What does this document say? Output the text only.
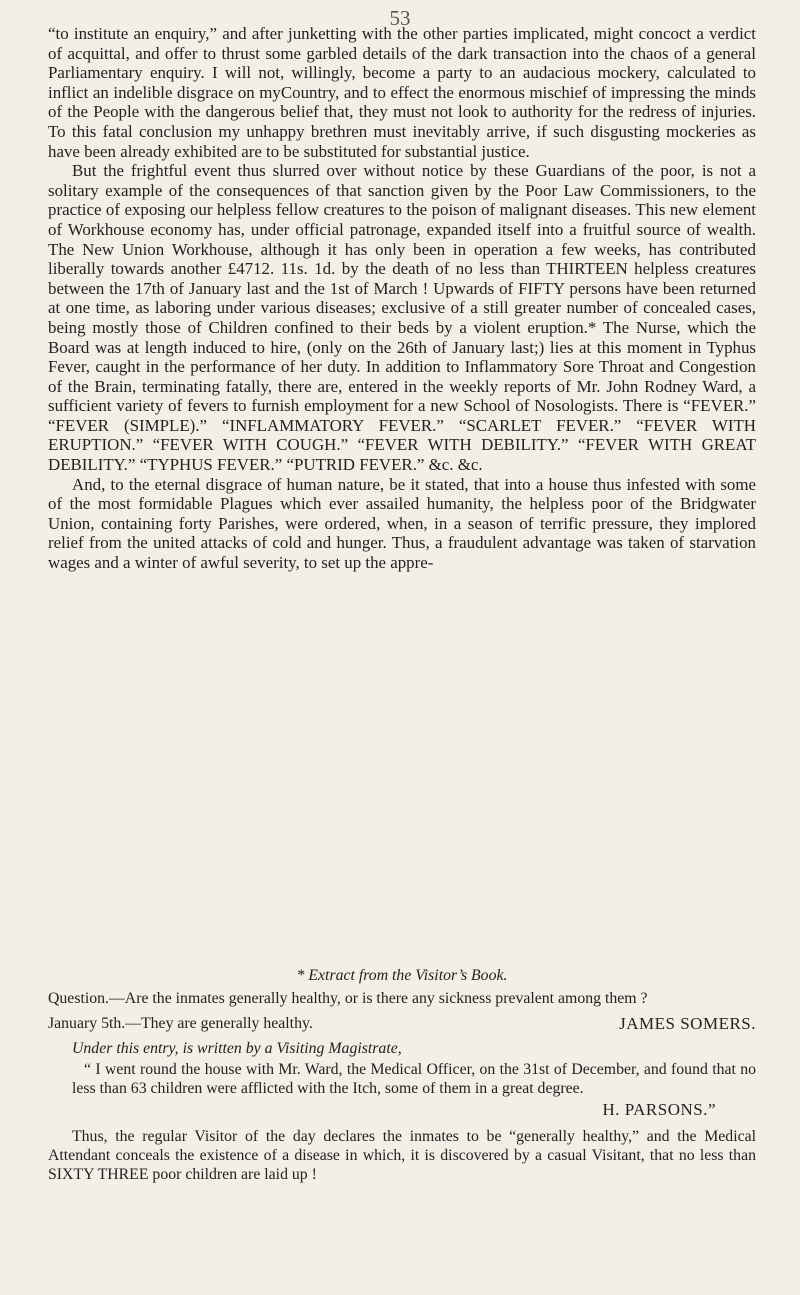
53

“to institute an enquiry,” and after junketting with the other parties implicated, might concoct a verdict of acquittal, and offer to thrust some garbled details of the dark transaction into the chaos of a general Parliamentary enquiry. I will not, willingly, become a party to an audacious mockery, calculated to inflict an indelible disgrace on myCountry, and to effect the enormous mischief of impressing the minds of the People with the dangerous belief that, they must not look to authority for the redress of injuries. To this fatal conclusion my unhappy brethren must inevitably arrive, if such disgusting mockeries as have been already exhibited are to be substituted for substantial justice.

But the frightful event thus slurred over without notice by these Guardians of the poor, is not a solitary example of the consequences of that sanction given by the Poor Law Commissioners, to the practice of exposing our helpless fellow creatures to the poison of malignant diseases. This new element of Workhouse economy has, under official patronage, expanded itself into a fruitful source of wealth. The New Union Workhouse, although it has only been in operation a few weeks, has contributed liberally towards another £4712. 11s. 1d. by the death of no less than THIRTEEN helpless creatures between the 17th of January last and the 1st of March ! Upwards of FIFTY persons have been returned at one time, as laboring under various diseases; exclusive of a still greater number of concealed cases, being mostly those of Children confined to their beds by a violent eruption.* The Nurse, which the Board was at length induced to hire, (only on the 26th of January last;) lies at this moment in Typhus Fever, caught in the performance of her duty. In addition to Inflammatory Sore Throat and Congestion of the Brain, terminating fatally, there are, entered in the weekly reports of Mr. John Rodney Ward, a sufficient variety of fevers to furnish employment for a new School of Nosologists. There is “FEVER.” “FEVER (SIMPLE).” “INFLAMMATORY FEVER.” “SCARLET FEVER.” “FEVER WITH ERUPTION.” “FEVER WITH COUGH.” “FEVER WITH DEBILITY.” “FEVER WITH GREAT DEBILITY.” “TYPHUS FEVER.” “PUTRID FEVER.” &c. &c.

And, to the eternal disgrace of human nature, be it stated, that into a house thus infested with some of the most formidable Plagues which ever assailed humanity, the helpless poor of the Bridgwater Union, containing forty Parishes, were ordered, when, in a season of terrific pressure, they implored relief from the united attacks of cold and hunger. Thus, a fraudulent advantage was taken of starvation wages and a winter of awful severity, to set up the appre-

* Extract from the Visitor’s Book.

Question.—Are the inmates generally healthy, or is there any sickness prevalent among them ?

January 5th.—They are generally healthy.	JAMES SOMERS.

Under this entry, is written by a Visiting Magistrate,

“ I went round the house with Mr. Ward, the Medical Officer, on the 31st of December, and found that no less than 63 children were afflicted with the Itch, some of them in a great degree.

H. PARSONS.”

Thus, the regular Visitor of the day declares the inmates to be “generally healthy,” and the Medical Attendant conceals the existence of a disease in which, it is discovered by a casual Visitant, that no less than SIXTY THREE poor children are laid up !
